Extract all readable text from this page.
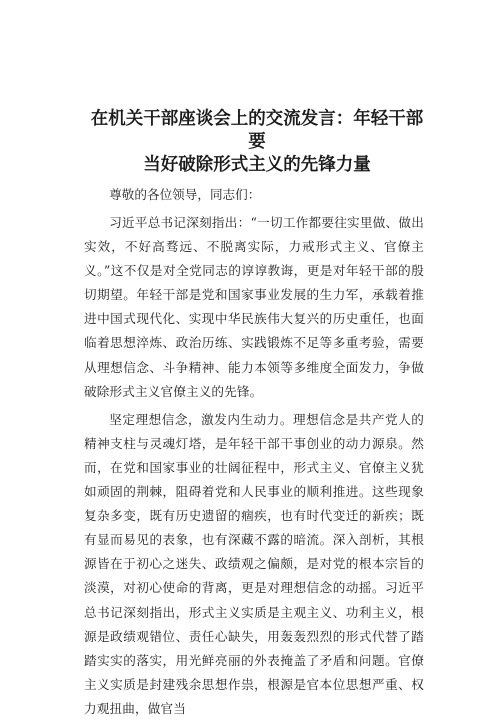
在机关干部座谈会上的交流发言：年轻干部要
当好破除形式主义的先锋力量
尊敬的各位领导，同志们：

习近平总书记深刻指出：“一切工作都要往实里做、做出实效，不好高骛远、不脱离实际，力戒形式主义、官僚主义。”这不仅是对全党同志的谆谆教诲，更是对年轻干部的殷切期望。年轻干部是党和国家事业发展的生力军，承载着推进中国式现代化、实现中华民族伟大复兴的历史重任，也面临着思想淬炼、政治历练、实践锻炼不足等多重考验，需要从理想信念、斗争精神、能力本领等多维度全面发力，争做破除形式主义官僚主义的先锋。

坚定理想信念，激发内生动力。理想信念是共产党人的精神支柱与灵魂灯塔，是年轻干部干事创业的动力源泉。然而，在党和国家事业的壮阔征程中，形式主义、官僚主义犹如顽固的荆棘，阻碍着党和人民事业的顺利推进。这些现象复杂多变，既有历史遗留的痼疾，也有时代变迁的新疾；既有显而易见的表象，也有深藏不露的暗流。深入剖析，其根源皆在于初心之迷失、政绩观之偏颇，是对党的根本宗旨的淡漠，对初心使命的背离，更是对理想信念的动摇。习近平总书记深刻指出，形式主义实质是主观主义、功利主义，根源是政绩观错位、责任心缺失，用轰轰烈烈的形式代替了踏踏实实的落实，用光鲜亮丽的外表掩盖了矛盾和问题。官僚主义实质是封建残余思想作祟，根源是官本位思想严重、权力观扭曲，做官当
